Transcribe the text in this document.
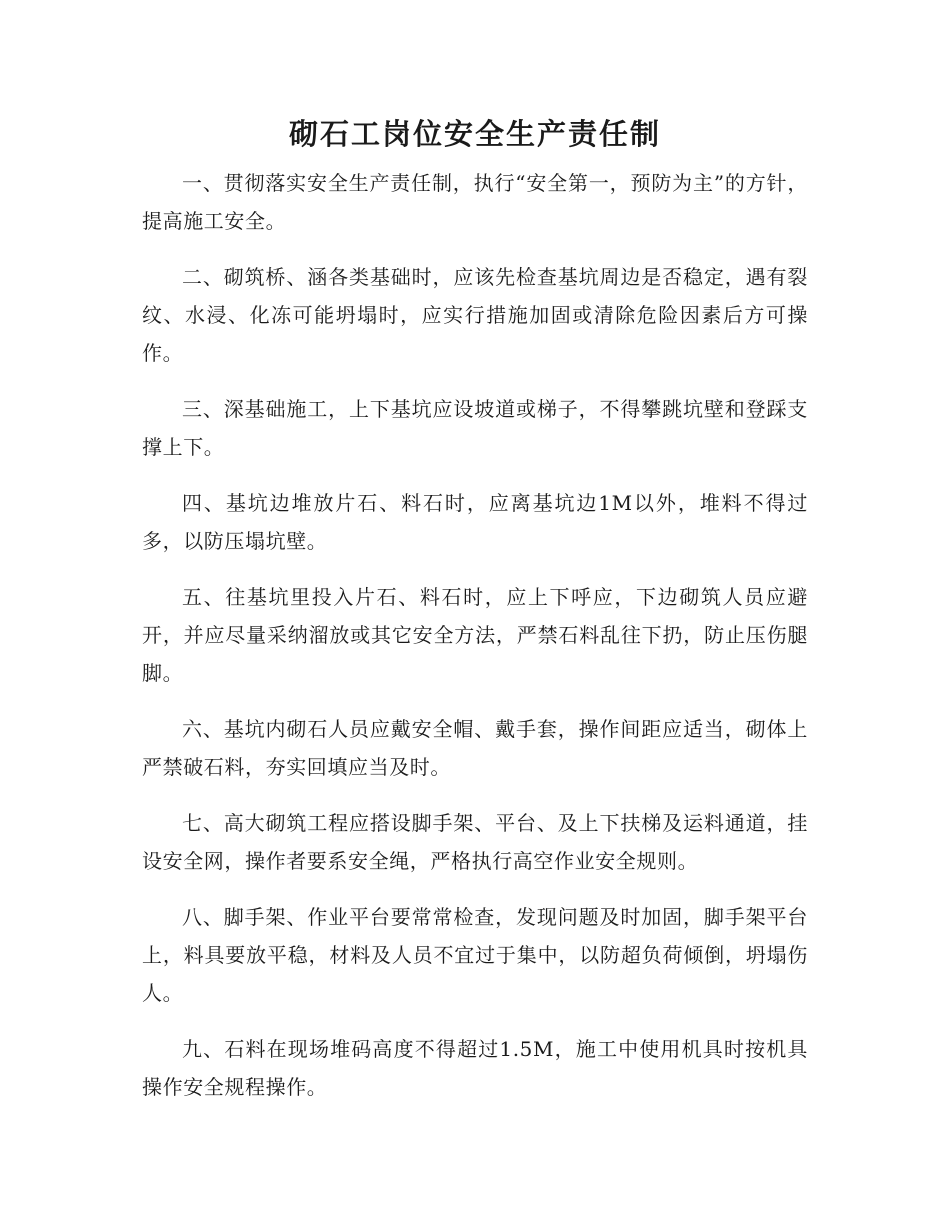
砌石工岗位安全生产责任制

一、贯彻落实安全生产责任制，执行“安全第一，预防为主”的方针，提高施工安全。

二、砌筑桥、涵各类基础时，应该先检查基坑周边是否稳定，遇有裂纹、水浸、化冻可能坍塌时，应实行措施加固或清除危险因素后方可操作。

三、深基础施工，上下基坑应设坡道或梯子，不得攀跳坑壁和登踩支撑上下。

四、基坑边堆放片石、料石时，应离基坑边1M以外，堆料不得过多，以防压塌坑壁。

五、往基坑里投入片石、料石时，应上下呼应，下边砌筑人员应避开，并应尽量采纳溜放或其它安全方法，严禁石料乱往下扔，防止压伤腿脚。

六、基坑内砌石人员应戴安全帽、戴手套，操作间距应适当，砌体上严禁破石料，夯实回填应当及时。

七、高大砌筑工程应搭设脚手架、平台、及上下扶梯及运料通道，挂设安全网，操作者要系安全绳，严格执行高空作业安全规则。

八、脚手架、作业平台要常常检查，发现问题及时加固，脚手架平台上，料具要放平稳，材料及人员不宜过于集中，以防超负荷倾倒，坍塌伤人。

九、石料在现场堆码高度不得超过1.5M，施工中使用机具时按机具操作安全规程操作。
